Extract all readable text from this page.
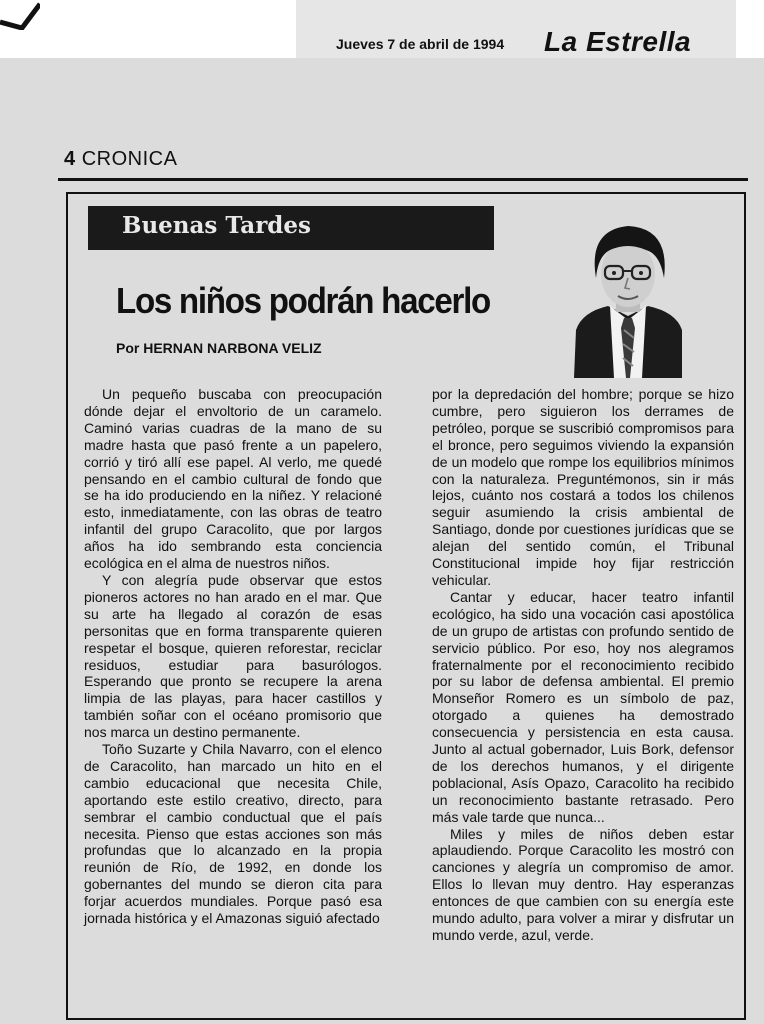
Jueves 7 de abril de 1994 La Estrella
4 CRONICA
Buenas Tardes
Los niños podrán hacerlo
Por HERNAN NARBONA VELIZ

Un pequeño buscaba con preocupación dónde dejar el envoltorio de un caramelo. Caminó varias cuadras de la mano de su madre hasta que pasó frente a un papelero, corrió y tiró allí ese papel. Al verlo, me quedé pensando en el cambio cultural de fondo que se ha ido produciendo en la niñez. Y relacioné esto, inmediatamente, con las obras de teatro infantil del grupo Caracolito, que por largos años ha ido sembrando esta conciencia ecológica en el alma de nuestros niños.

Y con alegría pude observar que estos pioneros actores no han arado en el mar. Que su arte ha llegado al corazón de esas personitas que en forma transparente quieren respetar el bosque, quieren reforestar, reciclar residuos, estudiar para basurólogos. Esperando que pronto se recupere la arena limpia de las playas, para hacer castillos y también soñar con el océano promisorio que nos marca un destino permanente.

Toño Suzarte y Chila Navarro, con el elenco de Caracolito, han marcado un hito en el cambio educacional que necesita Chile, aportando este estilo creativo, directo, para sembrar el cambio conductual que el país necesita. Pienso que estas acciones son más profundas que lo alcanzado en la propia reunión de Río, de 1992, en donde los gobernantes del mundo se dieron cita para forjar acuerdos mundiales. Porque pasó esa jornada histórica y el Amazonas siguió afectado

por la depredación del hombre; porque se hizo cumbre, pero siguieron los derrames de petróleo, porque se suscribió compromisos para el bronce, pero seguimos viviendo la expansión de un modelo que rompe los equilibrios mínimos con la naturaleza. Preguntémonos, sin ir más lejos, cuánto nos costará a todos los chilenos seguir asumiendo la crisis ambiental de Santiago, donde por cuestiones jurídicas que se alejan del sentido común, el Tribunal Constitucional impide hoy fijar restricción vehicular.

Cantar y educar, hacer teatro infantil ecológico, ha sido una vocación casi apostólica de un grupo de artistas con profundo sentido de servicio público. Por eso, hoy nos alegramos fraternalmente por el reconocimiento recibido por su labor de defensa ambiental. El premio Monseñor Romero es un símbolo de paz, otorgado a quienes ha demostrado consecuencia y persistencia en esta causa. Junto al actual gobernador, Luis Bork, defensor de los derechos humanos, y el dirigente poblacional, Asís Opazo, Caracolito ha recibido un reconocimiento bastante retrasado. Pero más vale tarde que nunca...

Miles y miles de niños deben estar aplaudiendo. Porque Caracolito les mostró con canciones y alegría un compromiso de amor. Ellos lo llevan muy dentro. Hay esperanzas entonces de que cambien con su energía este mundo adulto, para volver a mirar y disfrutar un mundo verde, azul, verde.
